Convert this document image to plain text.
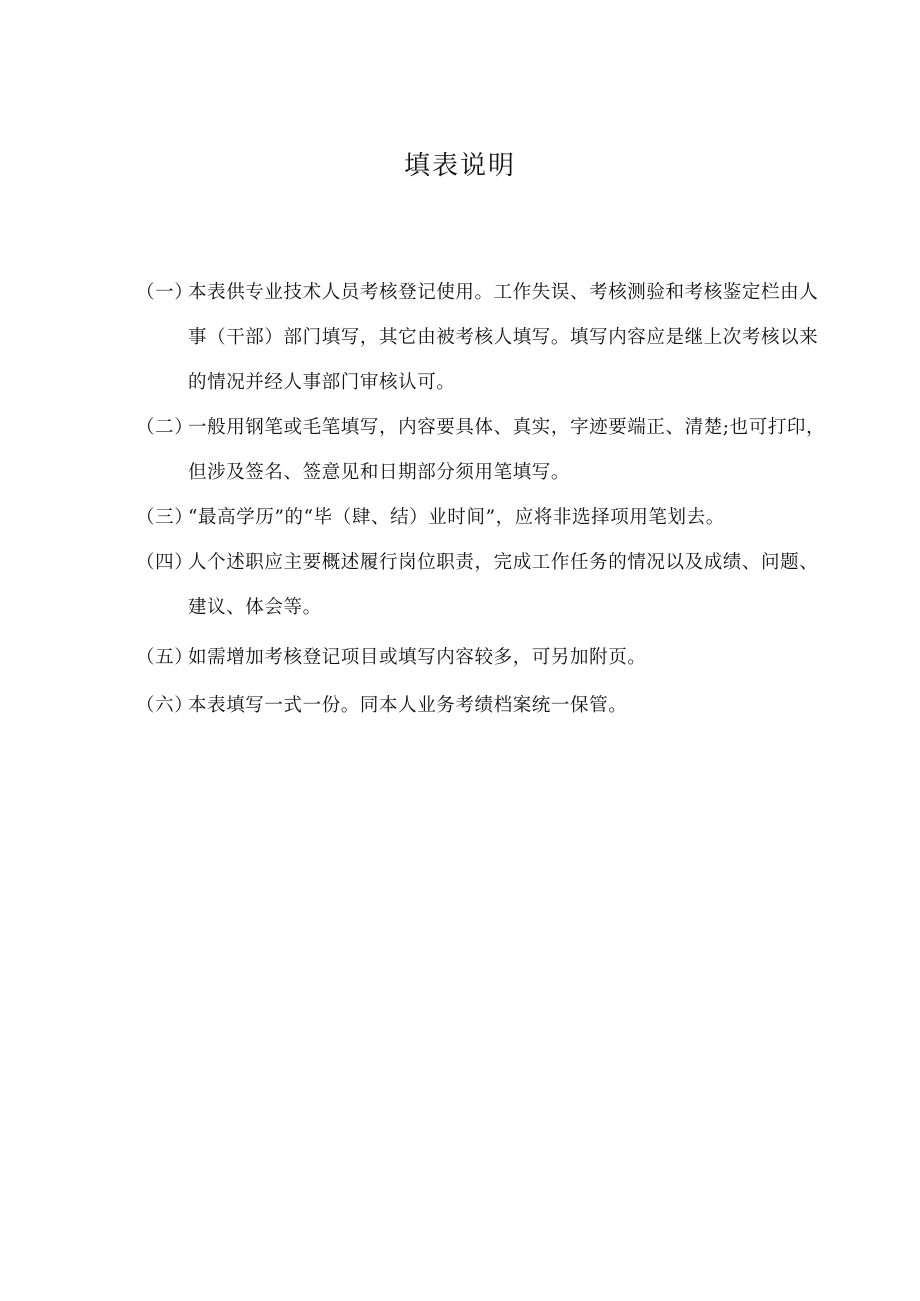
填表说明
（一）
本表供专业技术人员考核登记使用。工作失误、考核测验和考核鉴定栏由人事（干部）部门填写，其它由被考核人填写。填写内容应是继上次考核以来的情况并经人事部门审核认可。
（二）
一般用钢笔或毛笔填写，内容要具体、真实，字迹要端正、清楚;也可打印，但涉及签名、签意见和日期部分须用笔填写。
（三）
“最高学历”的“毕（肆、结）业时间”，应将非选择项用笔划去。
（四）
人个述职应主要概述履行岗位职责，完成工作任务的情况以及成绩、问题、建议、体会等。
（五）
如需增加考核登记项目或填写内容较多，可另加附页。
（六）
本表填写一式一份。同本人业务考绩档案统一保管。
